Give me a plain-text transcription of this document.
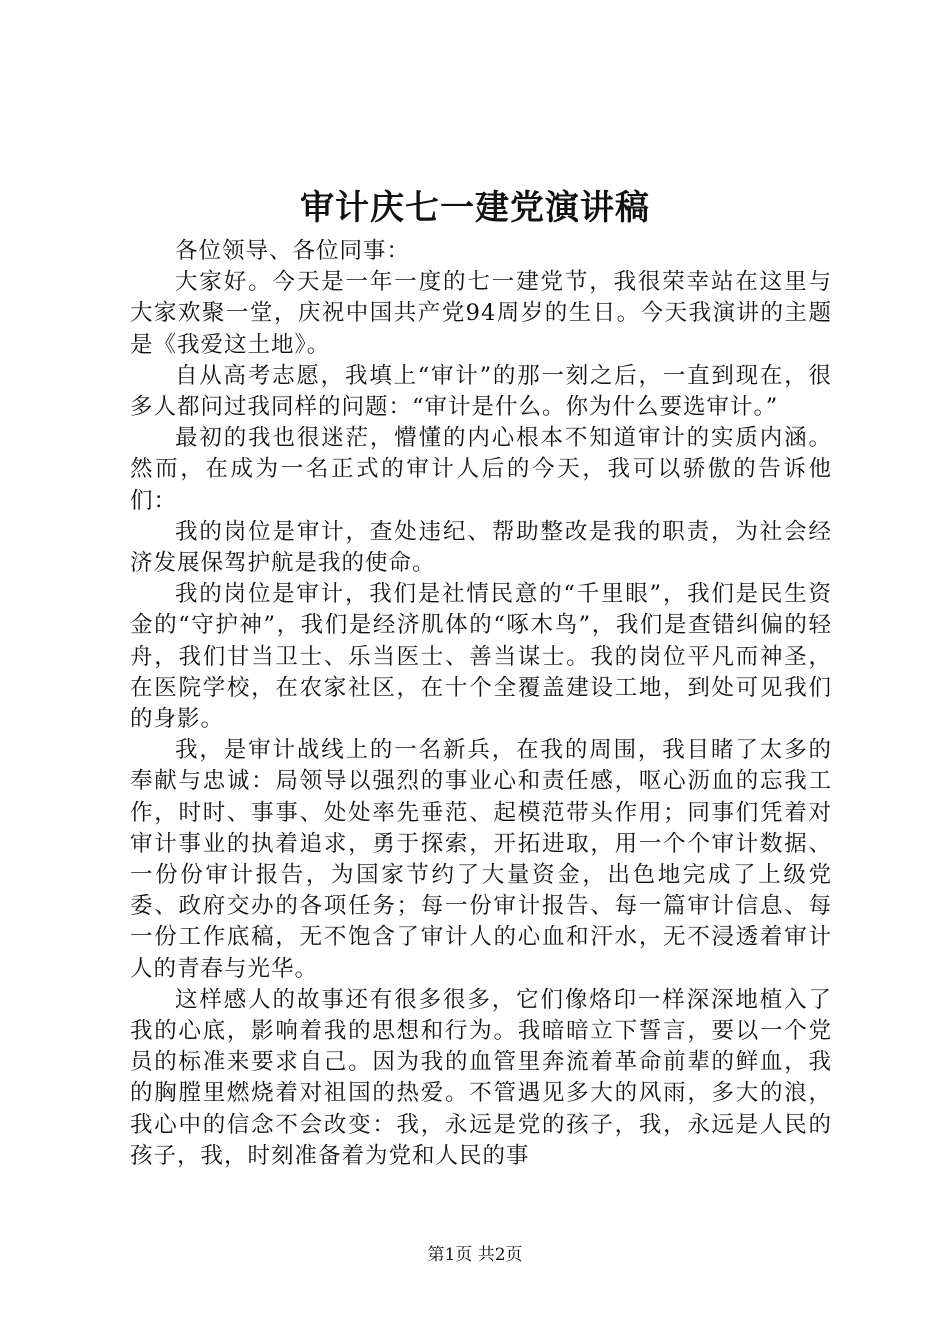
审计庆七一建党演讲稿

各位领导、各位同事：

大家好。今天是一年一度的七一建党节，我很荣幸站在这里与大家欢聚一堂，庆祝中国共产党94周岁的生日。今天我演讲的主题是《我爱这土地》。

自从高考志愿，我填上“审计”的那一刻之后，一直到现在，很多人都问过我同样的问题：“审计是什么。你为什么要选审计。”

最初的我也很迷茫，懵懂的内心根本不知道审计的实质内涵。然而，在成为一名正式的审计人后的今天，我可以骄傲的告诉他们：

我的岗位是审计，查处违纪、帮助整改是我的职责，为社会经济发展保驾护航是我的使命。

我的岗位是审计，我们是社情民意的“千里眼”，我们是民生资金的“守护神”，我们是经济肌体的“啄木鸟”，我们是查错纠偏的轻舟，我们甘当卫士、乐当医士、善当谋士。我的岗位平凡而神圣，在医院学校，在农家社区，在十个全覆盖建设工地，到处可见我们的身影。

我，是审计战线上的一名新兵，在我的周围，我目睹了太多的奉献与忠诚：局领导以强烈的事业心和责任感，呕心沥血的忘我工作，时时、事事、处处率先垂范、起模范带头作用；同事们凭着对审计事业的执着追求，勇于探索，开拓进取，用一个个审计数据、一份份审计报告，为国家节约了大量资金，出色地完成了上级党委、政府交办的各项任务；每一份审计报告、每一篇审计信息、每一份工作底稿，无不饱含了审计人的心血和汗水，无不浸透着审计人的青春与光华。

这样感人的故事还有很多很多，它们像烙印一样深深地植入了我的心底，影响着我的思想和行为。我暗暗立下誓言，要以一个党员的标准来要求自己。因为我的血管里奔流着革命前辈的鲜血，我的胸膛里燃烧着对祖国的热爱。不管遇见多大的风雨，多大的浪，我心中的信念不会改变：我，永远是党的孩子，我，永远是人民的孩子，我，时刻准备着为党和人民的事

第1页 共2页
